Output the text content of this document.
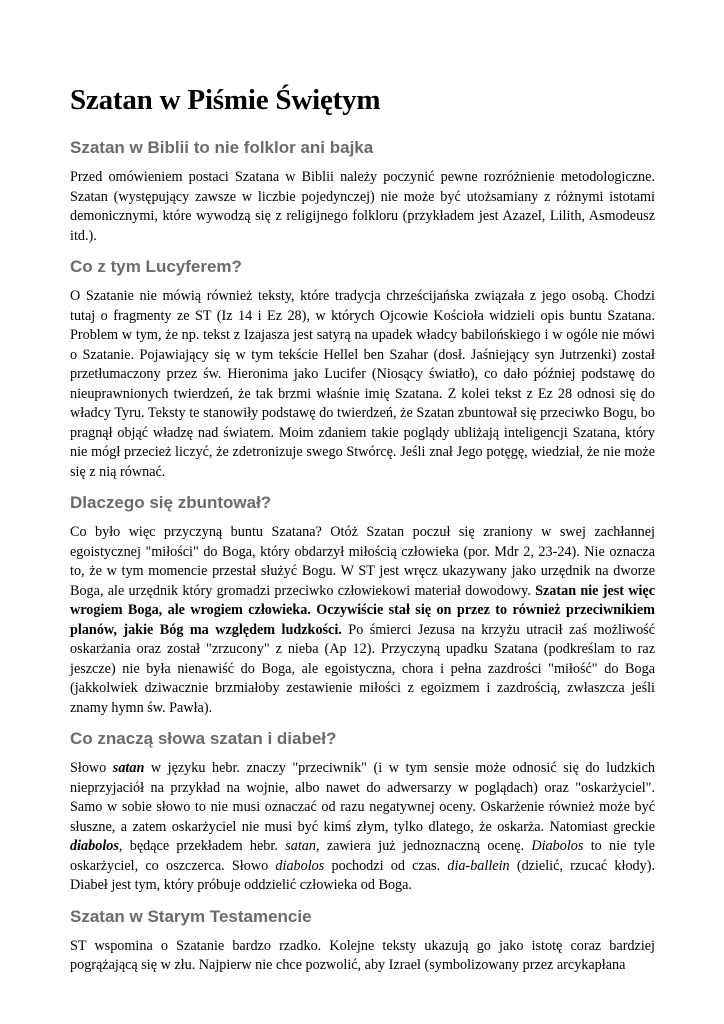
Szatan w Piśmie Świętym
Szatan w Biblii to nie folklor ani bajka

Przed omówieniem postaci Szatana w Biblii należy poczynić pewne rozróżnienie metodologiczne. Szatan (występujący zawsze w liczbie pojedynczej) nie może być utożsamiany z różnymi istotami demonicznymi, które wywodzą się z religijnego folkloru (przykładem jest Azazel, Lilith, Asmodeusz itd.).

Co z tym Lucyferem?

O Szatanie nie mówią również teksty, które tradycja chrześcijańska związała z jego osobą. Chodzi tutaj o fragmenty ze ST (Iz 14 i Ez 28), w których Ojcowie Kościoła widzieli opis buntu Szatana. Problem w tym, że np. tekst z Izajasza jest satyrą na upadek władcy babilońskiego i w ogóle nie mówi o Szatanie. Pojawiający się w tym tekście Hellel ben Szahar (dosł. Jaśniejący syn Jutrzenki) został przetłumaczony przez św. Hieronima jako Lucifer (Niosący światło), co dało później podstawę do nieuprawnionych twierdzeń, że tak brzmi właśnie imię Szatana. Z kolei tekst z Ez 28 odnosi się do władcy Tyru. Teksty te stanowiły podstawę do twierdzeń, że Szatan zbuntował się przeciwko Bogu, bo pragnął objąć władzę nad światem. Moim zdaniem takie poglądy ubliżają inteligencji Szatana, który nie mógł przecież liczyć, że zdetronizuje swego Stwórcę. Jeśli znał Jego potęgę, wiedział, że nie może się z nią równać.

Dlaczego się zbuntował?

Co było więc przyczyną buntu Szatana? Otóż Szatan poczuł się zraniony w swej zachłannej egoistycznej "miłości" do Boga, który obdarzył miłością człowieka (por. Mdr 2, 23-24). Nie oznacza to, że w tym momencie przestał służyć Bogu. W ST jest wręcz ukazywany jako urzędnik na dworze Boga, ale urzędnik który gromadzi przeciwko człowiekowi materiał dowodowy. Szatan nie jest więc wrogiem Boga, ale wrogiem człowieka. Oczywiście stał się on przez to również przeciwnikiem planów, jakie Bóg ma względem ludzkości. Po śmierci Jezusa na krzyżu utracił zaś możliwość oskarżania oraz został "zrzucony" z nieba (Ap 12). Przyczyną upadku Szatana (podkreślam to raz jeszcze) nie była nienawiść do Boga, ale egoistyczna, chora i pełna zazdrości "miłość" do Boga (jakkolwiek dziwacznie brzmiałoby zestawienie miłości z egoizmem i zazdrością, zwłaszcza jeśli znamy hymn św. Pawła).

Co znaczą słowa szatan i diabeł?

Słowo satan w języku hebr. znaczy "przeciwnik" (i w tym sensie może odnosić się do ludzkich nieprzyjaciół na przykład na wojnie, albo nawet do adwersarzy w poglądach) oraz "oskarżyciel". Samo w sobie słowo to nie musi oznaczać od razu negatywnej oceny. Oskarżenie również może być słuszne, a zatem oskarżyciel nie musi być kimś złym, tylko dlatego, że oskarża. Natomiast greckie diabolos, będące przekładem hebr. satan, zawiera już jednoznaczną ocenę. Diabolos to nie tyle oskarżyciel, co oszczerca. Słowo diabolos pochodzi od czas. dia-ballein (dzielić, rzucać kłody). Diabeł jest tym, który próbuje oddzielić człowieka od Boga.

Szatan w Starym Testamencie

ST wspomina o Szatanie bardzo rzadko. Kolejne teksty ukazują go jako istotę coraz bardziej pogrążającą się w złu. Najpierw nie chce pozwolić, aby Izrael (symbolizowany przez arcykapłana
